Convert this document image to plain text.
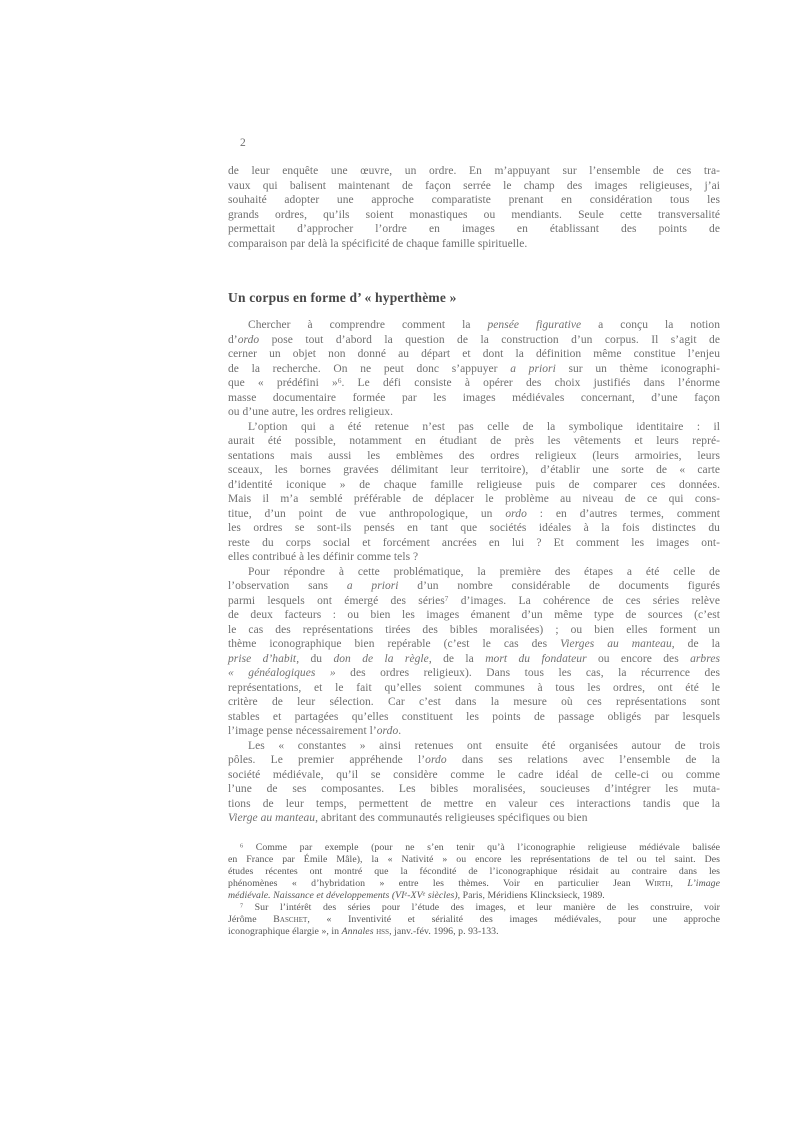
2
de leur enquête une œuvre, un ordre. En m’appuyant sur l’ensemble de ces tra-
vaux qui balisent maintenant de façon serrée le champ des images religieuses, j’ai
souhaité adopter une approche comparatiste prenant en considération tous les
grands ordres, qu’ils soient monastiques ou mendiants. Seule cette transversalité
permettait d’approcher l’ordre en images en établissant des points de
comparaison par delà la spécificité de chaque famille spirituelle.
Un corpus en forme d’ « hyperthème »
Chercher à comprendre comment la pensée figurative a conçu la notion
d’ordo pose tout d’abord la question de la construction d’un corpus. Il s’agit de
cerner un objet non donné au départ et dont la définition même constitue l’enjeu
de la recherche. On ne peut donc s’appuyer a priori sur un thème iconographi-
que « prédéfini »$^6$. Le défi consiste à opérer des choix justifiés dans l’énorme
masse documentaire formée par les images médiévales concernant, d’une façon
ou d’une autre, les ordres religieux.
L’option qui a été retenue n’est pas celle de la symbolique identitaire : il
aurait été possible, notamment en étudiant de près les vêtements et leurs repré-
sentations mais aussi les emblèmes des ordres religieux (leurs armoiries, leurs
sceaux, les bornes gravées délimitant leur territoire), d’établir une sorte de « carte
d’identité iconique » de chaque famille religieuse puis de comparer ces données.
Mais il m’a semblé préférable de déplacer le problème au niveau de ce qui cons-
titue, d’un point de vue anthropologique, un ordo : en d’autres termes, comment
les ordres se sont-ils pensés en tant que sociétés idéales à la fois distinctes du
reste du corps social et forcément ancrées en lui ? Et comment les images ont-
elles contribué à les définir comme tels ?
Pour répondre à cette problématique, la première des étapes a été celle de
l’observation sans a priori d’un nombre considérable de documents figurés
parmi lesquels ont émergé des séries$^7$ d’images. La cohérence de ces séries relève
de deux facteurs : ou bien les images émanent d’un même type de sources (c’est
le cas des représentations tirées des bibles moralisées) ; ou bien elles forment un
thème iconographique bien repérable (c’est le cas des Vierges au manteau, de la
prise d’habit, du don de la règle, de la mort du fondateur ou encore des arbres
« généalogiques » des ordres religieux). Dans tous les cas, la récurrence des
représentations, et le fait qu’elles soient communes à tous les ordres, ont été le
critère de leur sélection. Car c’est dans la mesure où ces représentations sont
stables et partagées qu’elles constituent les points de passage obligés par lesquels
l’image pense nécessairement l’ordo.
Les « constantes » ainsi retenues ont ensuite été organisées autour de trois
pôles. Le premier appréhende l’ordo dans ses relations avec l’ensemble de la
société médiévale, qu’il se considère comme le cadre idéal de celle-ci ou comme
l’une de ses composantes. Les bibles moralisées, soucieuses d’intégrer les muta-
tions de leur temps, permettent de mettre en valeur ces interactions tandis que la
Vierge au manteau, abritant des communautés religieuses spécifiques ou bien
$^6$ Comme par exemple (pour ne s’en tenir qu’à l’iconographie religieuse médiévale balisée
en France par Émile Mâle), la « Nativité » ou encore les représentations de tel ou tel saint. Des
études récentes ont montré que la fécondité de l’iconographique résidait au contraire dans les
phénomènes « d’hybridation » entre les thèmes. Voir en particulier Jean Wirth, L’image
médiévale. Naissance et développements (VIe-XVe siècles), Paris, Méridiens Klincksieck, 1989.
$^7$ Sur l’intérêt des séries pour l’étude des images, et leur manière de les construire, voir
Jérôme Baschet, « Inventivité et sérialité des images médiévales, pour une approche
iconographique élargie », in Annales hss, janv.-fév. 1996, p. 93-133.
